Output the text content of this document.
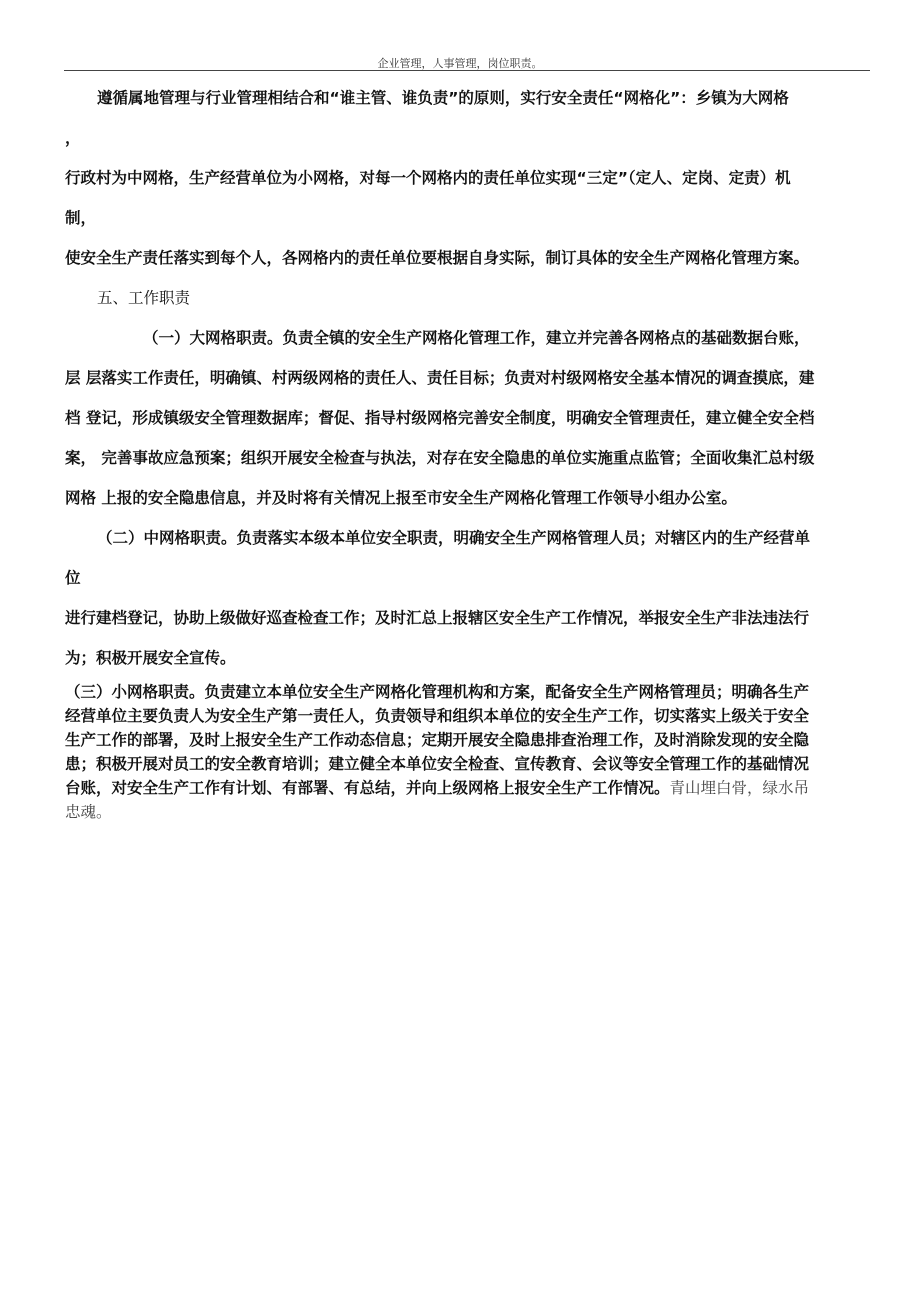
企业管理，人事管理，岗位职责。
遵循属地管理与行业管理相结合和“谁主管、谁负责”的原则，实行安全责任“网格化”：乡镇为大网格
，
行政村为中网格，生产经营单位为小网格，对每一个网格内的责任单位实现“三定”（定人、定岗、定责）机
制，
使安全生产责任落实到每个人，各网格内的责任单位要根据自身实际，制订具体的安全生产网格化管理方案。
五、工作职责
（一）大网格职责。负责全镇的安全生产网格化管理工作，建立并完善各网格点的基础数据台账，
层 层落实工作责任，明确镇、村两级网格的责任人、责任目标；负责对村级网格安全基本情况的调查摸底，建
档 登记，形成镇级安全管理数据库；督促、指导村级网格完善安全制度，明确安全管理责任，建立健全安全档
案， 完善事故应急预案；组织开展安全检查与执法，对存在安全隐患的单位实施重点监管；全面收集汇总村级
网格 上报的安全隐患信息，并及时将有关情况上报至市安全生产网格化管理工作领导小组办公室。
（二）中网格职责。负责落实本级本单位安全职责，明确安全生产网格管理人员；对辖区内的生产经营单
位
进行建档登记，协助上级做好巡查检查工作；及时汇总上报辖区安全生产工作情况，举报安全生产非法违法行
为；积极开展安全宣传。
（三）小网格职责。负责建立本单位安全生产网格化管理机构和方案，配备安全生产网格管理员；明确各生产
经营单位主要负责人为安全生产第一责任人，负责领导和组织本单位的安全生产工作，切实落实上级关于安全
生产工作的部署，及时上报安全生产工作动态信息；定期开展安全隐患排查治理工作，及时消除发现的安全隐
患；积极开展对员工的安全教育培训；建立健全本单位安全检查、宣传教育、会议等安全管理工作的基础情况
台账，对安全生产工作有计划、有部署、有总结，并向上级网格上报安全生产工作情况。青山埋白骨，绿水吊
忠魂。
